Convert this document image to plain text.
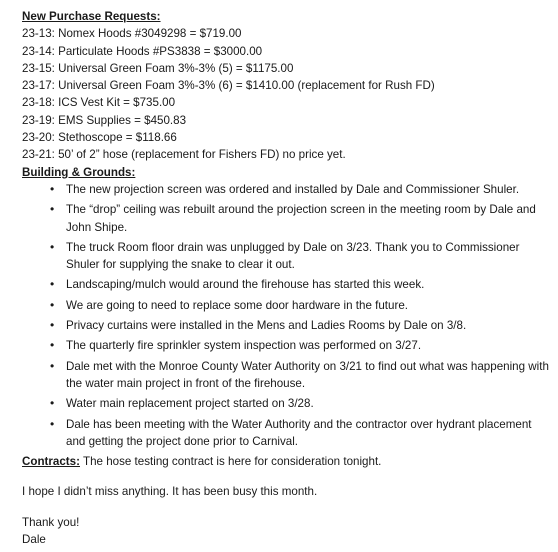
New Purchase Requests:
23-13: Nomex Hoods #3049298 = $719.00
23-14: Particulate Hoods #PS3838 = $3000.00
23-15: Universal Green Foam 3%-3% (5) = $1175.00
23-17: Universal Green Foam 3%-3% (6) = $1410.00 (replacement for Rush FD)
23-18: ICS Vest Kit = $735.00
23-19: EMS Supplies = $450.83
23-20: Stethoscope = $118.66
23-21: 50’ of 2” hose (replacement for Fishers FD) no price yet.
Building & Grounds:
• The new projection screen was ordered and installed by Dale and Commissioner Shuler.
• The “drop” ceiling was rebuilt around the projection screen in the meeting room by Dale and John Shipe.
• The truck Room floor drain was unplugged by Dale on 3/23. Thank you to Commissioner Shuler for supplying the snake to clear it out.
• Landscaping/mulch would around the firehouse has started this week.
• We are going to need to replace some door hardware in the future.
• Privacy curtains were installed in the Mens and Ladies Rooms by Dale on 3/8.
• The quarterly fire sprinkler system inspection was performed on 3/27.
• Dale met with the Monroe County Water Authority on 3/21 to find out what was happening with the water main project in front of the firehouse.
• Water main replacement project started on 3/28.
• Dale has been meeting with the Water Authority and the contractor over hydrant placement and getting the project done prior to Carnival.
Contracts: The hose testing contract is here for consideration tonight.
I hope I didn’t miss anything. It has been busy this month.
Thank you!
Dale
